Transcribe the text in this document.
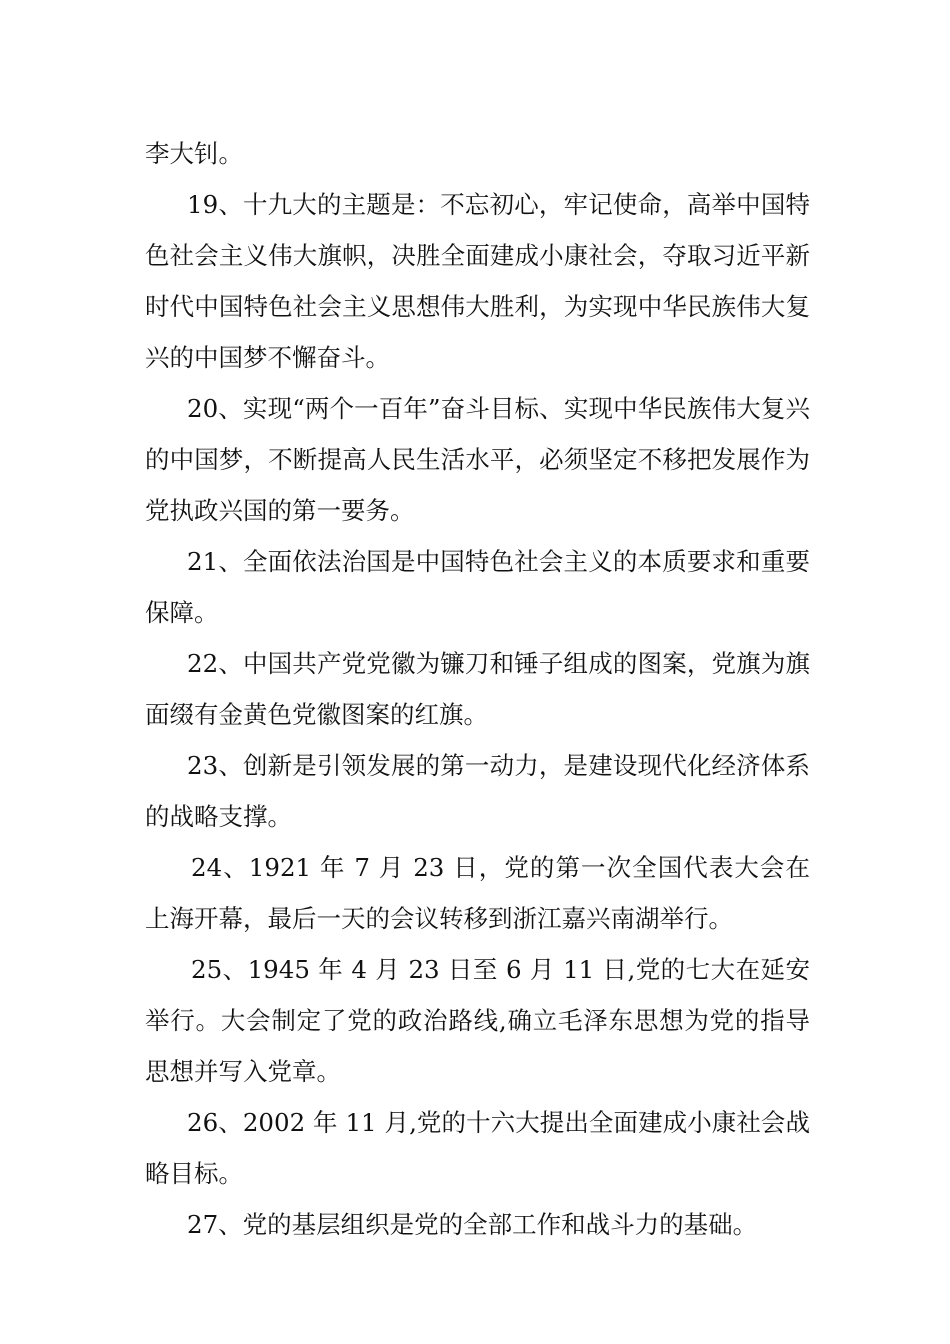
李大钊。

19、十九大的主题是：不忘初心，牢记使命，高举中国特色社会主义伟大旗帜，决胜全面建成小康社会，夺取习近平新时代中国特色社会主义思想伟大胜利，为实现中华民族伟大复兴的中国梦不懈奋斗。

20、实现“两个一百年”奋斗目标、实现中华民族伟大复兴的中国梦，不断提高人民生活水平，必须坚定不移把发展作为党执政兴国的第一要务。

21、全面依法治国是中国特色社会主义的本质要求和重要保障。

22、中国共产党党徽为镰刀和锤子组成的图案，党旗为旗面缀有金黄色党徽图案的红旗。

23、创新是引领发展的第一动力，是建设现代化经济体系的战略支撑。

24、1921 年 7 月 23 日，党的第一次全国代表大会在上海开幕，最后一天的会议转移到浙江嘉兴南湖举行。

25、1945 年 4 月 23 日至 6 月 11 日,党的七大在延安举行。大会制定了党的政治路线,确立毛泽东思想为党的指导思想并写入党章。

26、2002 年 11 月,党的十六大提出全面建成小康社会战略目标。

27、党的基层组织是党的全部工作和战斗力的基础。
